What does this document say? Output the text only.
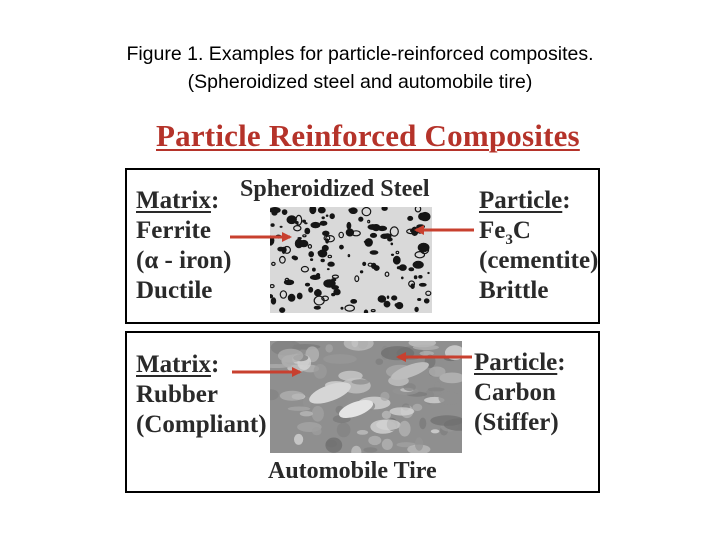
Figure 1. Examples for particle-reinforced composites.
(Spheroidized steel and automobile tire)
Particle Reinforced Composites
Spheroidized Steel
Matrix:
Ferrite
(α - iron)
Ductile
Particle:
$Fe_3C$
(cementite)
Brittle
Automobile Tire
Matrix:
Rubber
(Compliant)
Particle:
Carbon
(Stiffer)
